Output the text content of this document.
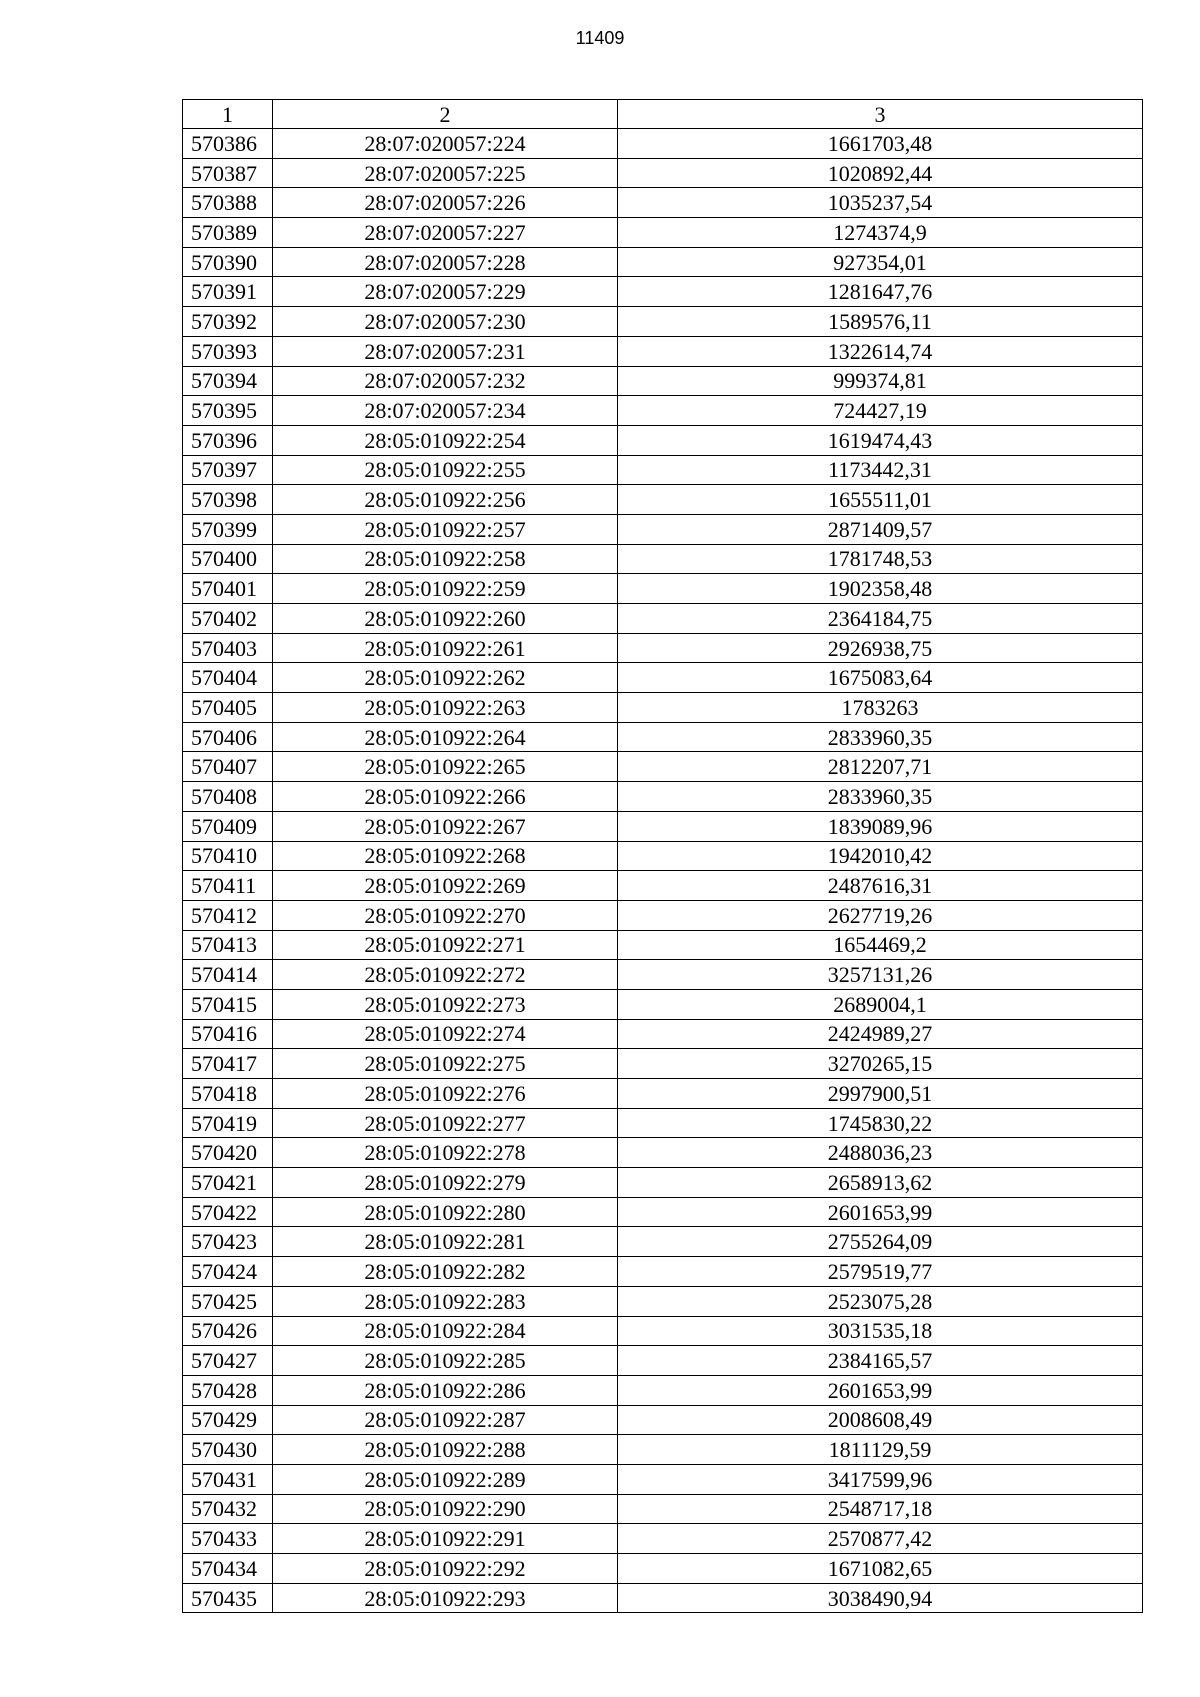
11409
1	2	3
570386	28:07:020057:224	1661703,48
570387	28:07:020057:225	1020892,44
570388	28:07:020057:226	1035237,54
570389	28:07:020057:227	1274374,9
570390	28:07:020057:228	927354,01
570391	28:07:020057:229	1281647,76
570392	28:07:020057:230	1589576,11
570393	28:07:020057:231	1322614,74
570394	28:07:020057:232	999374,81
570395	28:07:020057:234	724427,19
570396	28:05:010922:254	1619474,43
570397	28:05:010922:255	1173442,31
570398	28:05:010922:256	1655511,01
570399	28:05:010922:257	2871409,57
570400	28:05:010922:258	1781748,53
570401	28:05:010922:259	1902358,48
570402	28:05:010922:260	2364184,75
570403	28:05:010922:261	2926938,75
570404	28:05:010922:262	1675083,64
570405	28:05:010922:263	1783263
570406	28:05:010922:264	2833960,35
570407	28:05:010922:265	2812207,71
570408	28:05:010922:266	2833960,35
570409	28:05:010922:267	1839089,96
570410	28:05:010922:268	1942010,42
570411	28:05:010922:269	2487616,31
570412	28:05:010922:270	2627719,26
570413	28:05:010922:271	1654469,2
570414	28:05:010922:272	3257131,26
570415	28:05:010922:273	2689004,1
570416	28:05:010922:274	2424989,27
570417	28:05:010922:275	3270265,15
570418	28:05:010922:276	2997900,51
570419	28:05:010922:277	1745830,22
570420	28:05:010922:278	2488036,23
570421	28:05:010922:279	2658913,62
570422	28:05:010922:280	2601653,99
570423	28:05:010922:281	2755264,09
570424	28:05:010922:282	2579519,77
570425	28:05:010922:283	2523075,28
570426	28:05:010922:284	3031535,18
570427	28:05:010922:285	2384165,57
570428	28:05:010922:286	2601653,99
570429	28:05:010922:287	2008608,49
570430	28:05:010922:288	1811129,59
570431	28:05:010922:289	3417599,96
570432	28:05:010922:290	2548717,18
570433	28:05:010922:291	2570877,42
570434	28:05:010922:292	1671082,65
570435	28:05:010922:293	3038490,94
